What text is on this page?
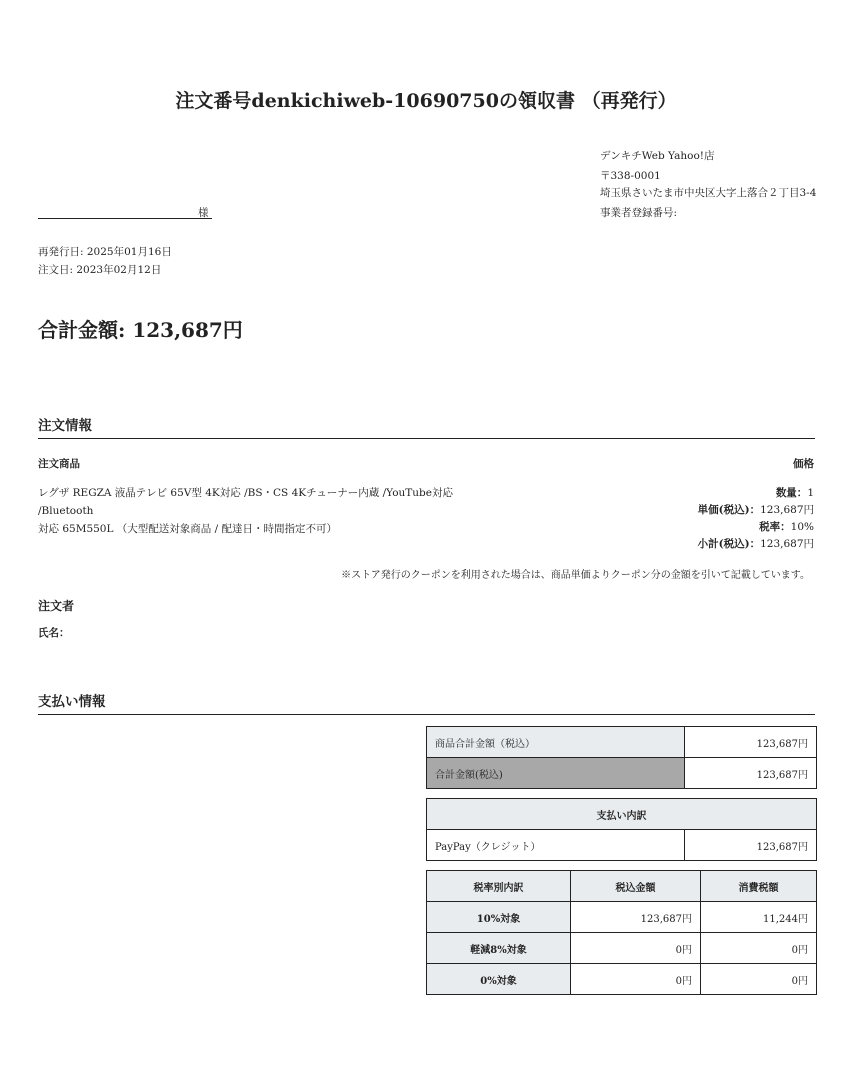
注文番号denkichiweb-10690750の領収書 （再発行）
デンキチWeb Yahoo!店
〒338-0001
埼玉県さいたま市中央区大字上落合２丁目3-4
事業者登録番号:
様
再発行日: 2025年01月16日
注文日: 2023年02月12日
合計金額: 123,687円
注文情報
注文商品	価格
レグザ REGZA 液晶テレビ 65V型 4K対応 /BS・CS 4Kチューナー内蔵 /YouTube対応 /Bluetooth
対応 65M550L （大型配送対象商品 / 配達日・時間指定不可）
数量：1
単価(税込)：123,687円
税率：10%
小計(税込)：123,687円
※ストア発行のクーポンを利用された場合は、商品単価よりクーポン分の金額を引いて記載しています。
注文者
氏名：
支払い情報
商品合計金額（税込）	123,687円
合計金額(税込)	123,687円
支払い内訳
PayPay（クレジット）	123,687円
税率別内訳	税込金額	消費税額
10%対象	123,687円	11,244円
軽減8%対象	0円	0円
0%対象	0円	0円
